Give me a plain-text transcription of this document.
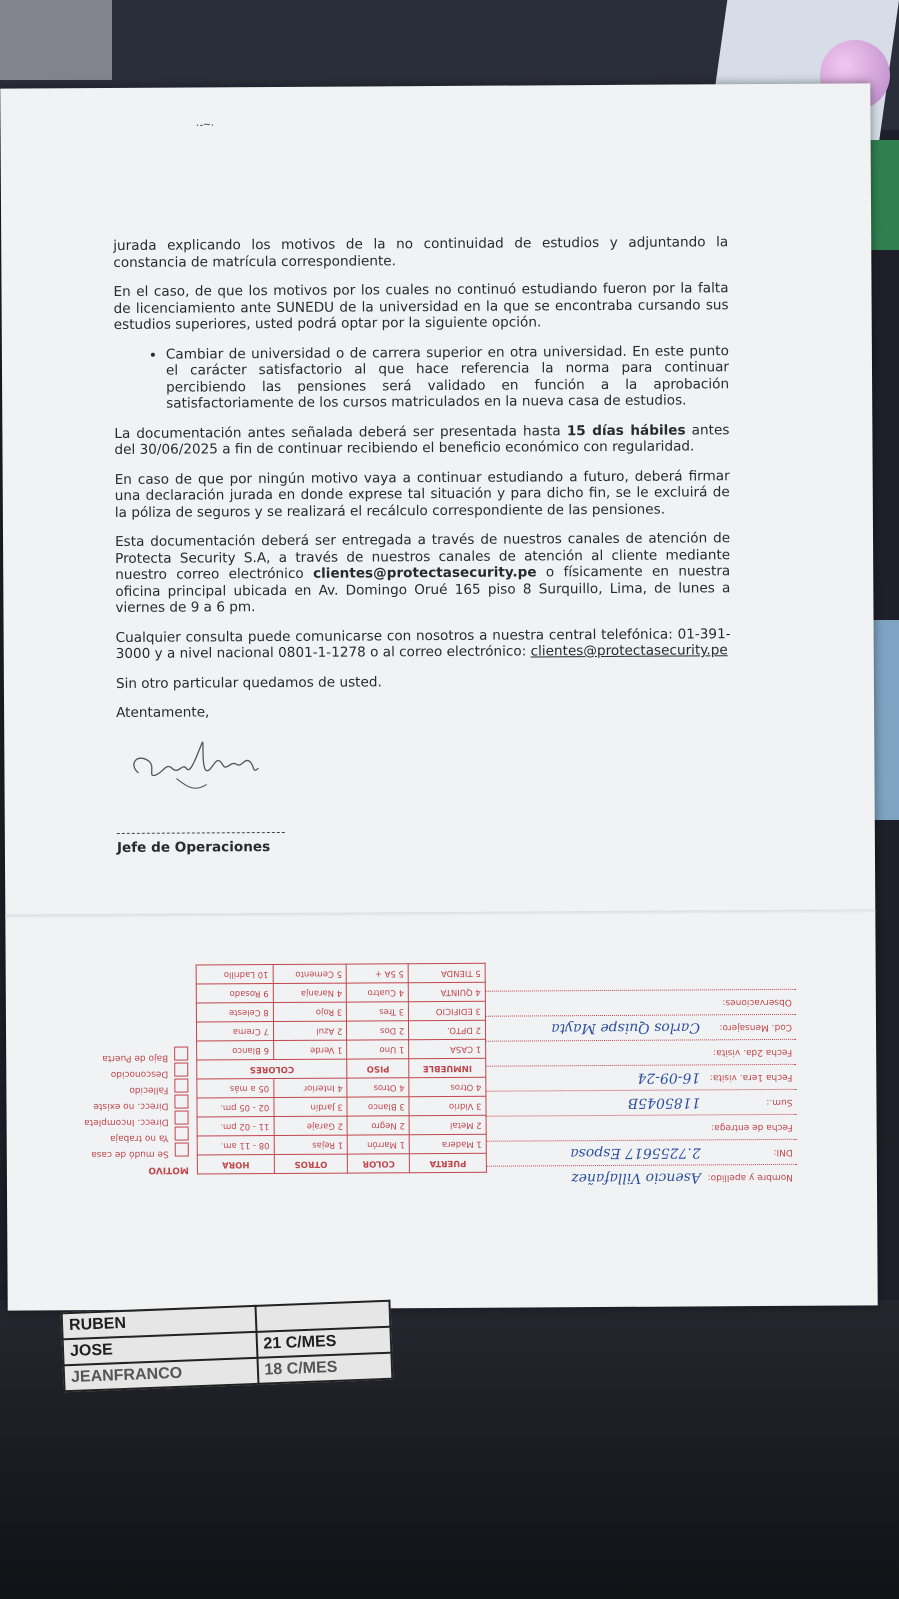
·-~·

jurada explicando los motivos de la no continuidad de estudios y adjuntando la constancia de matrícula correspondiente.

En el caso, de que los motivos por los cuales no continuó estudiando fueron por la falta de licenciamiento ante SUNEDU de la universidad en la que se encontraba cursando sus estudios superiores, usted podrá optar por la siguiente opción.

• Cambiar de universidad o de carrera superior en otra universidad. En este punto el carácter satisfactorio al que hace referencia la norma para continuar percibiendo las pensiones será validado en función a la aprobación satisfactoriamente de los cursos matriculados en la nueva casa de estudios.

La documentación antes señalada deberá ser presentada hasta 15 días hábiles antes del 30/06/2025 a fin de continuar recibiendo el beneficio económico con regularidad.

En caso de que por ningún motivo vaya a continuar estudiando a futuro, deberá firmar una declaración jurada en donde exprese tal situación y para dicho fin, se le excluirá de la póliza de seguros y se realizará el recálculo correspondiente de las pensiones.

Esta documentación deberá ser entregada a través de nuestros canales de atención de Protecta Security S.A, a través de nuestros canales de atención al cliente mediante nuestro correo electrónico clientes@protectasecurity.pe o físicamente en nuestra oficina principal ubicada en Av. Domingo Orué 165 piso 8 Surquillo, Lima, de lunes a viernes de 9 a 6 pm.

Cualquier consulta puede comunicarse con nosotros a nuestra central telefónica: 01-391-3000 y a nivel nacional 0801-1-1278 o al correo electrónico: clientes@protectasecurity.pe

Sin otro particular quedamos de usted.

Atentamente,

Jefe de Operaciones
Nombre y apellido:
Asencio Villafañez
DNI:
2.7255617 Esposa
Fecha de entrega:
Sum.:
1185045B
Fecha 1era. visita:
16-09-24
Fecha 2da. visita:
Cod. Mensajero:
Carlos Quispe Mayta
Observaciones:
PUERTA	COLOR	OTROS	HORA
1 Madera	1 Marrón	1 Rejas	08 - 11 am.
2 Metal	2 Negro	2 Garaje	11 - 02 pm.
3 Vidrio	3 Blanco	3 Jardín	02 - 05 pm.
4 Otros	4 Otros	4 Interior	05 a más
INMUEBLE	PISO	COLORES	
1 CASA	1 Uno	1 Verde	6 Blanco
2 DPTO.	2 Dos	2 Azul	7 Crema
3 EDIFICIO	3 Tres	3 Rojo	8 Celeste
4 QUINTA	4 Cuatro	4 Naranja	9 Rosado
5 TIENDA	5 5A +	5 Cemento	10 Ladrillo
MOTIVO
Se mudó de casa
Ya no trabaja
Direcc. Incompleta
Direcc. no existe
Fallecido
Desconocido
Bajo de Puerta
RUBEN	
JOSE	21 C/MES
JEANFRANCO	18 C/MES
